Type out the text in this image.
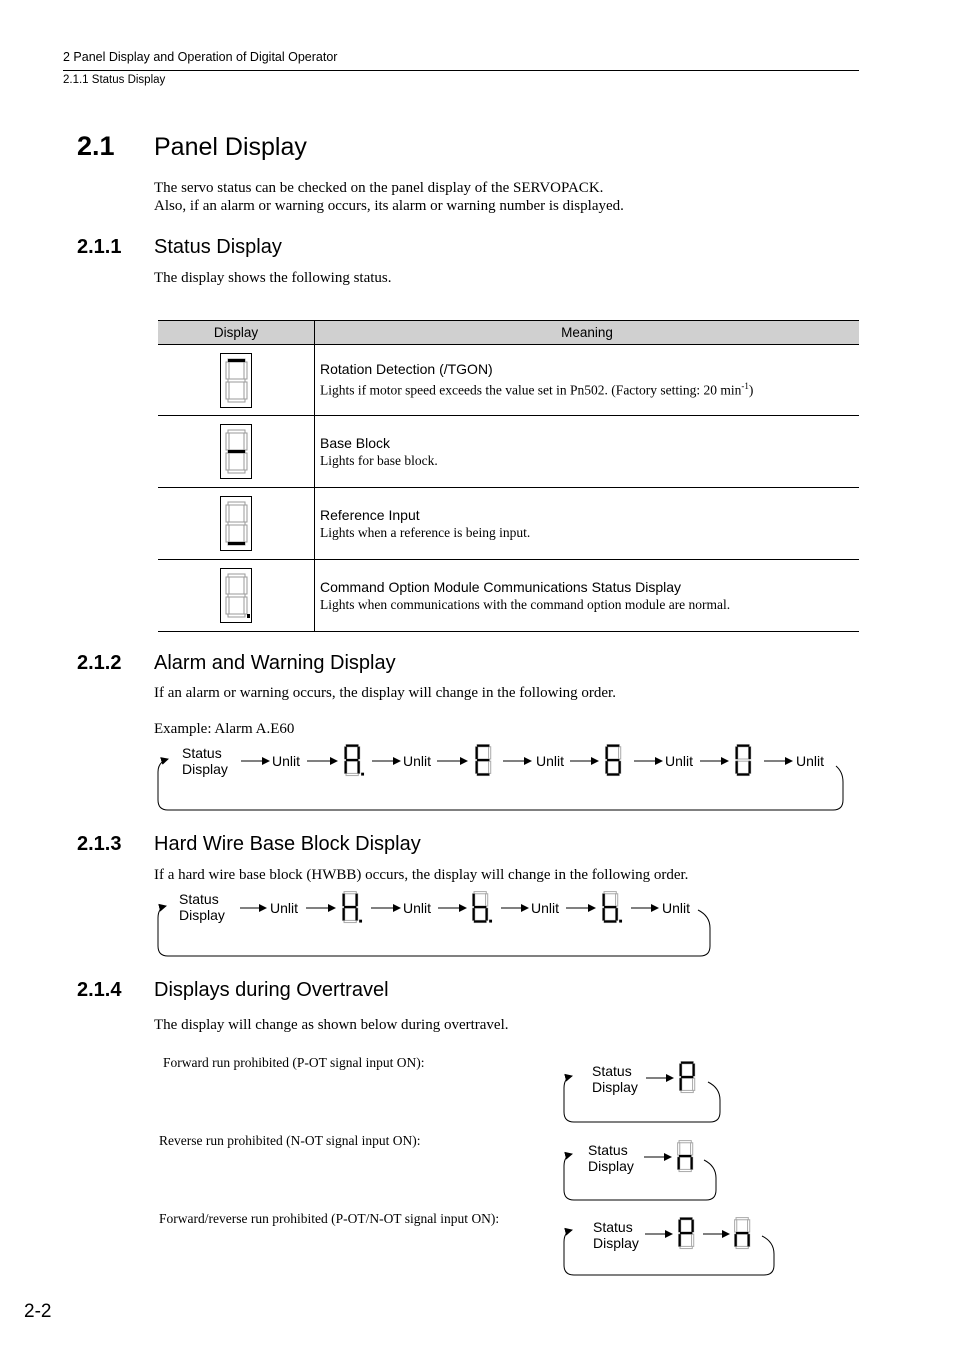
2 Panel Display and Operation of Digital Operator
2.1.1 Status Display
2.1 Panel Display
The servo status can be checked on the panel display of the SERVOPACK.
Also, if an alarm or warning occurs, its alarm or warning number is displayed.
2.1.1 Status Display
The display shows the following status.
Display	Meaning

Rotation Detection (/TGON)
Lights if motor speed exceeds the value set in Pn502. (Factory setting: 20 $\min^{-1}$)

Base Block
Lights for base block.

Reference Input
Lights when a reference is being input.

Command Option Module Communications Status Display
Lights when communications with the command option module are normal.
2.1.2 Alarm and Warning Display
If an alarm or warning occurs, the display will change in the following order.
Example: Alarm A.E60
Status
Display	Unlit	Unlit	Unlit	Unlit	Unlit
Status
Display	Unlit	Unlit	Unlit	Unlit
Status
Display
Status
Display
Status
Display
2.1.3 Hard Wire Base Block Display
If a hard wire base block (HWBB) occurs, the display will change in the following order.
2.1.4 Displays during Overtravel
The display will change as shown below during overtravel.
Forward run prohibited (P-OT signal input ON):
Reverse run prohibited (N-OT signal input ON):
Forward/reverse run prohibited (P-OT/N-OT signal input ON):
2-2
